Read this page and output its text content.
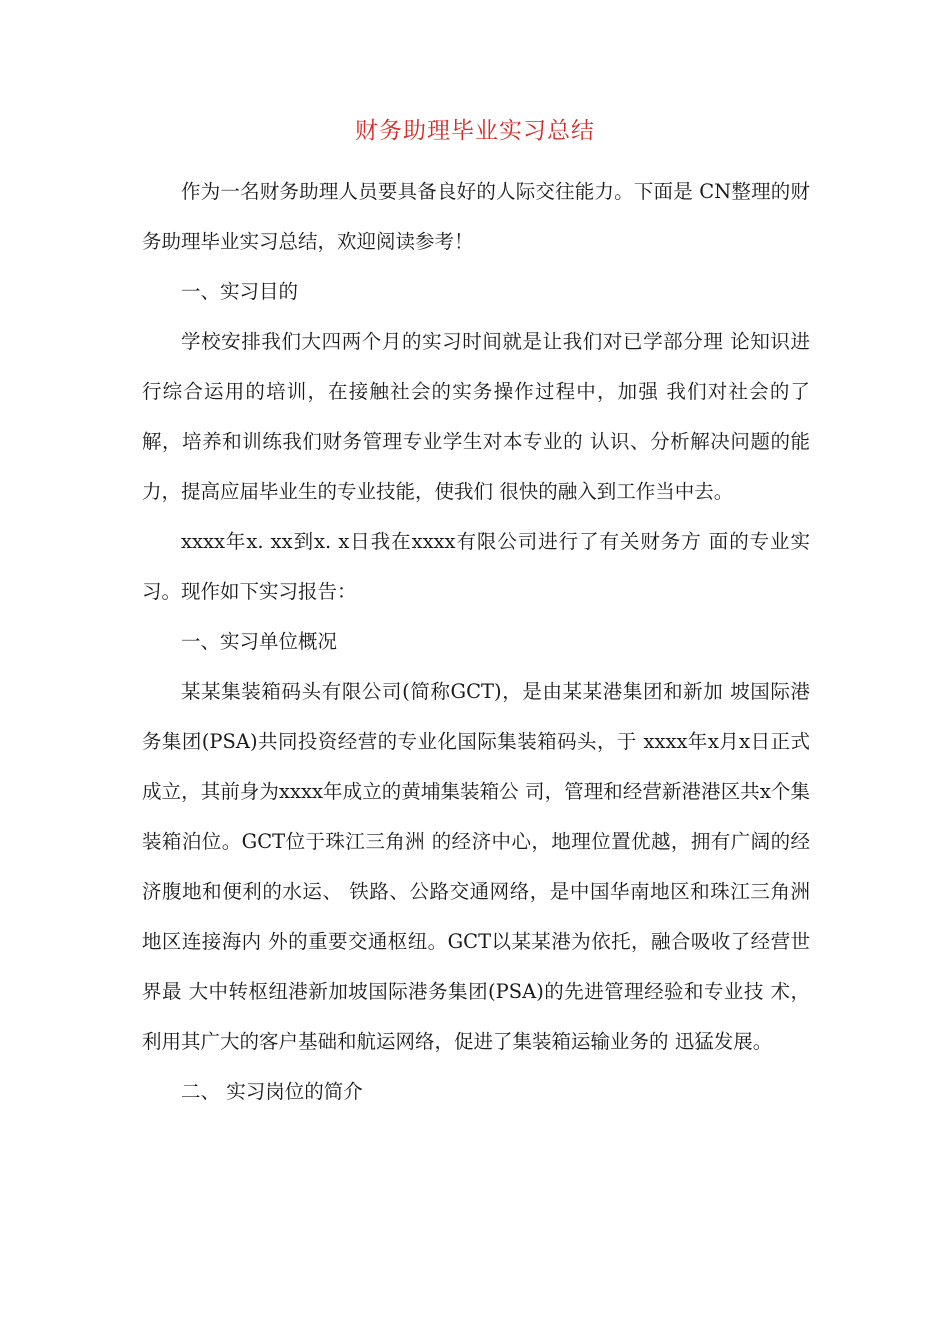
财务助理毕业实习总结

作为一名财务助理人员要具备良好的人际交往能力。下面是 CN整理的财务助理毕业实习总结，欢迎阅读参考！

一、实习目的

学校安排我们大四两个月的实习时间就是让我们对已学部分理 论知识进行综合运用的培训，在接触社会的实务操作过程中，加强 我们对社会的了解，培养和训练我们财务管理专业学生对本专业的 认识、分析解决问题的能力，提高应届毕业生的专业技能，使我们 很快的融入到工作当中去。

xxxx年x. xx到x. x日我在xxxx有限公司进行了有关财务方 面的专业实习。现作如下实习报告：

一、实习单位概况

某某集装箱码头有限公司(简称GCT)，是由某某港集团和新加 坡国际港务集团(PSA)共同投资经营的专业化国际集装箱码头，于 xxxx年x月x日正式成立，其前身为xxxx年成立的黄埔集装箱公 司，管理和经营新港港区共x个集装箱泊位。GCT位于珠江三角洲 的经济中心，地理位置优越，拥有广阔的经济腹地和便利的水运、 铁路、公路交通网络，是中国华南地区和珠江三角洲地区连接海内 外的重要交通枢纽。GCT以某某港为依托，融合吸收了经营世界最 大中转枢纽港新加坡国际港务集团(PSA)的先进管理经验和专业技 术，利用其广大的客户基础和航运网络，促进了集装箱运输业务的 迅猛发展。

二、 实习岗位的简介
